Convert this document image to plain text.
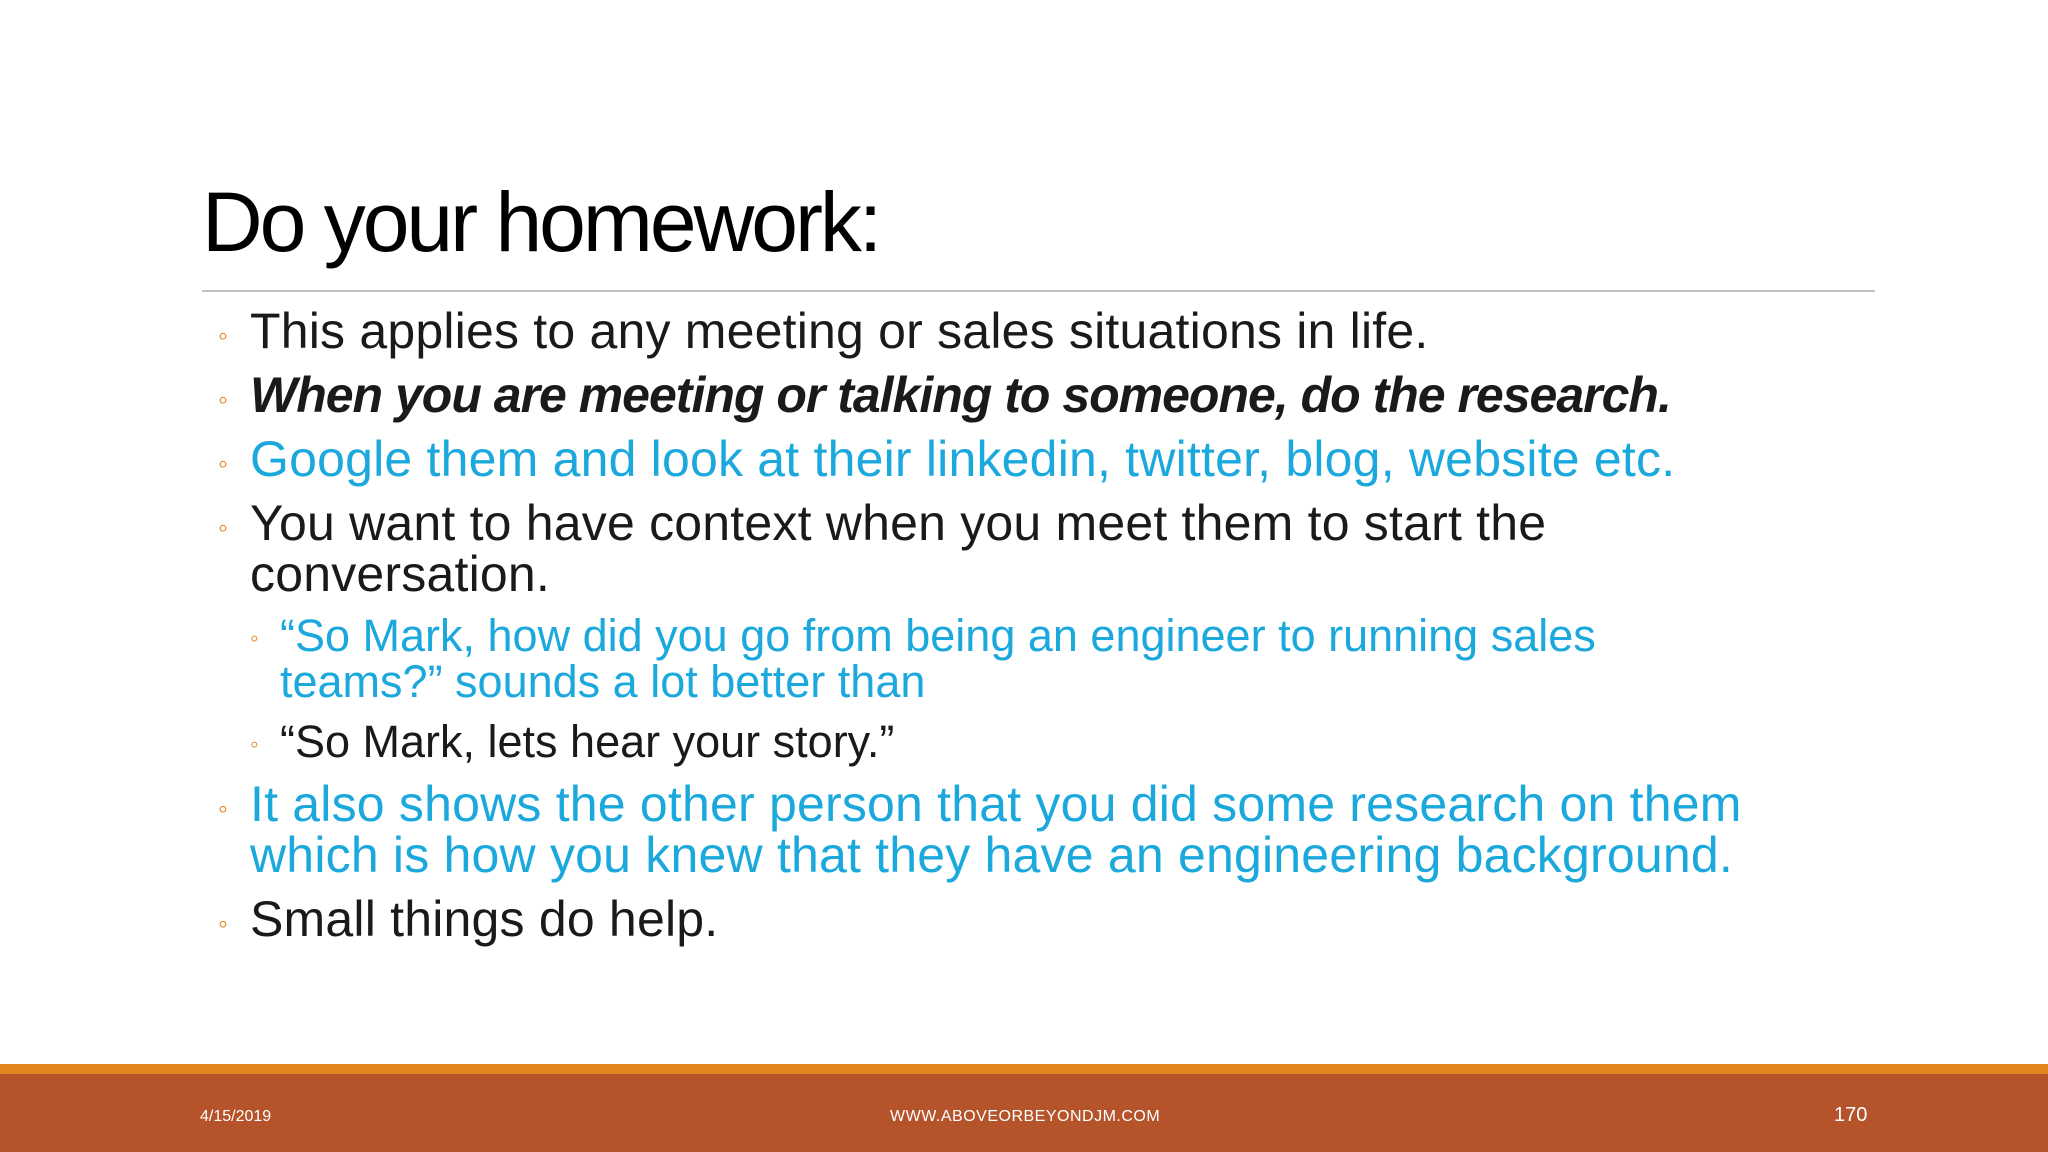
Do your homework:
◦ This applies to any meeting or sales situations in life.
◦ When you are meeting or talking to someone, do the research.
◦ Google them and look at their linkedin, twitter, blog, website etc.
◦ You want to have context when you meet them to start the
conversation.
◦ “So Mark, how did you go from being an engineer to running sales
teams?” sounds a lot better than
◦ “So Mark, lets hear your story.”
◦ It also shows the other person that you did some research on them
which is how you knew that they have an engineering background.
◦ Small things do help.
4/15/2019	WWW.ABOVEORBEYONDJM.COM	170
